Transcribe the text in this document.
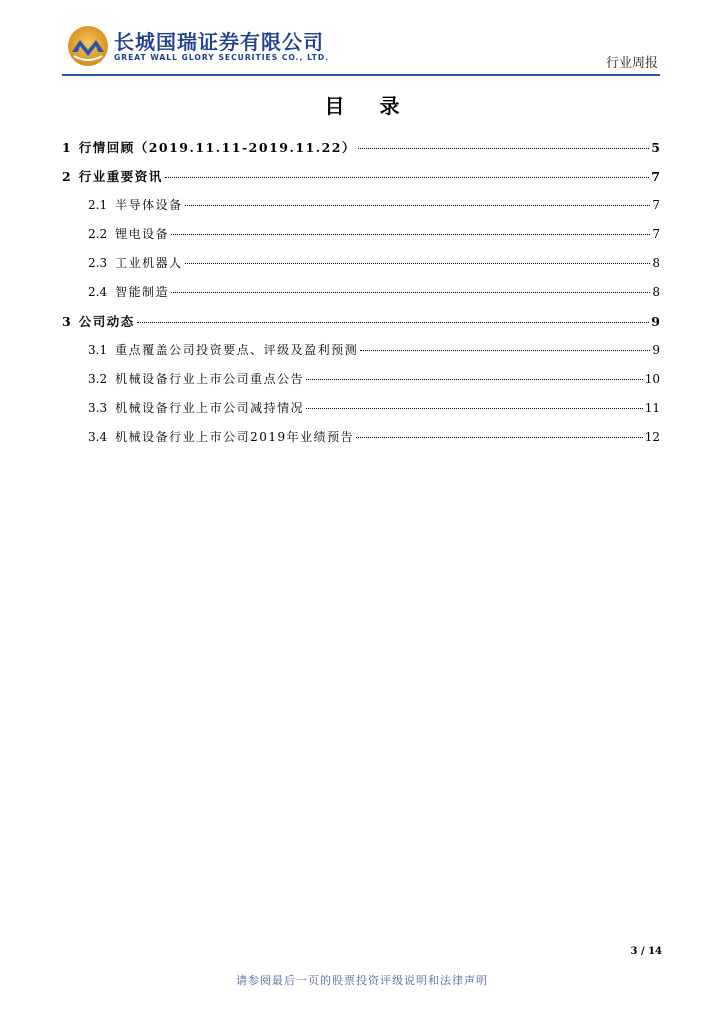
长城国瑞证券有限公司
GREAT WALL GLORY SECURITIES CO., LTD.	行业周报
目 录
1 行情回顾（2019.11.11-2019.11.22）	5
2 行业重要资讯	7
2.1 半导体设备	7
2.2 锂电设备	7
2.3 工业机器人	8
2.4 智能制造	8
3 公司动态	9
3.1 重点覆盖公司投资要点、评级及盈利预测	9
3.2 机械设备行业上市公司重点公告	10
3.3 机械设备行业上市公司减持情况	11
3.4 机械设备行业上市公司2019年业绩预告	12
3 / 14
请参阅最后一页的股票投资评级说明和法律声明
